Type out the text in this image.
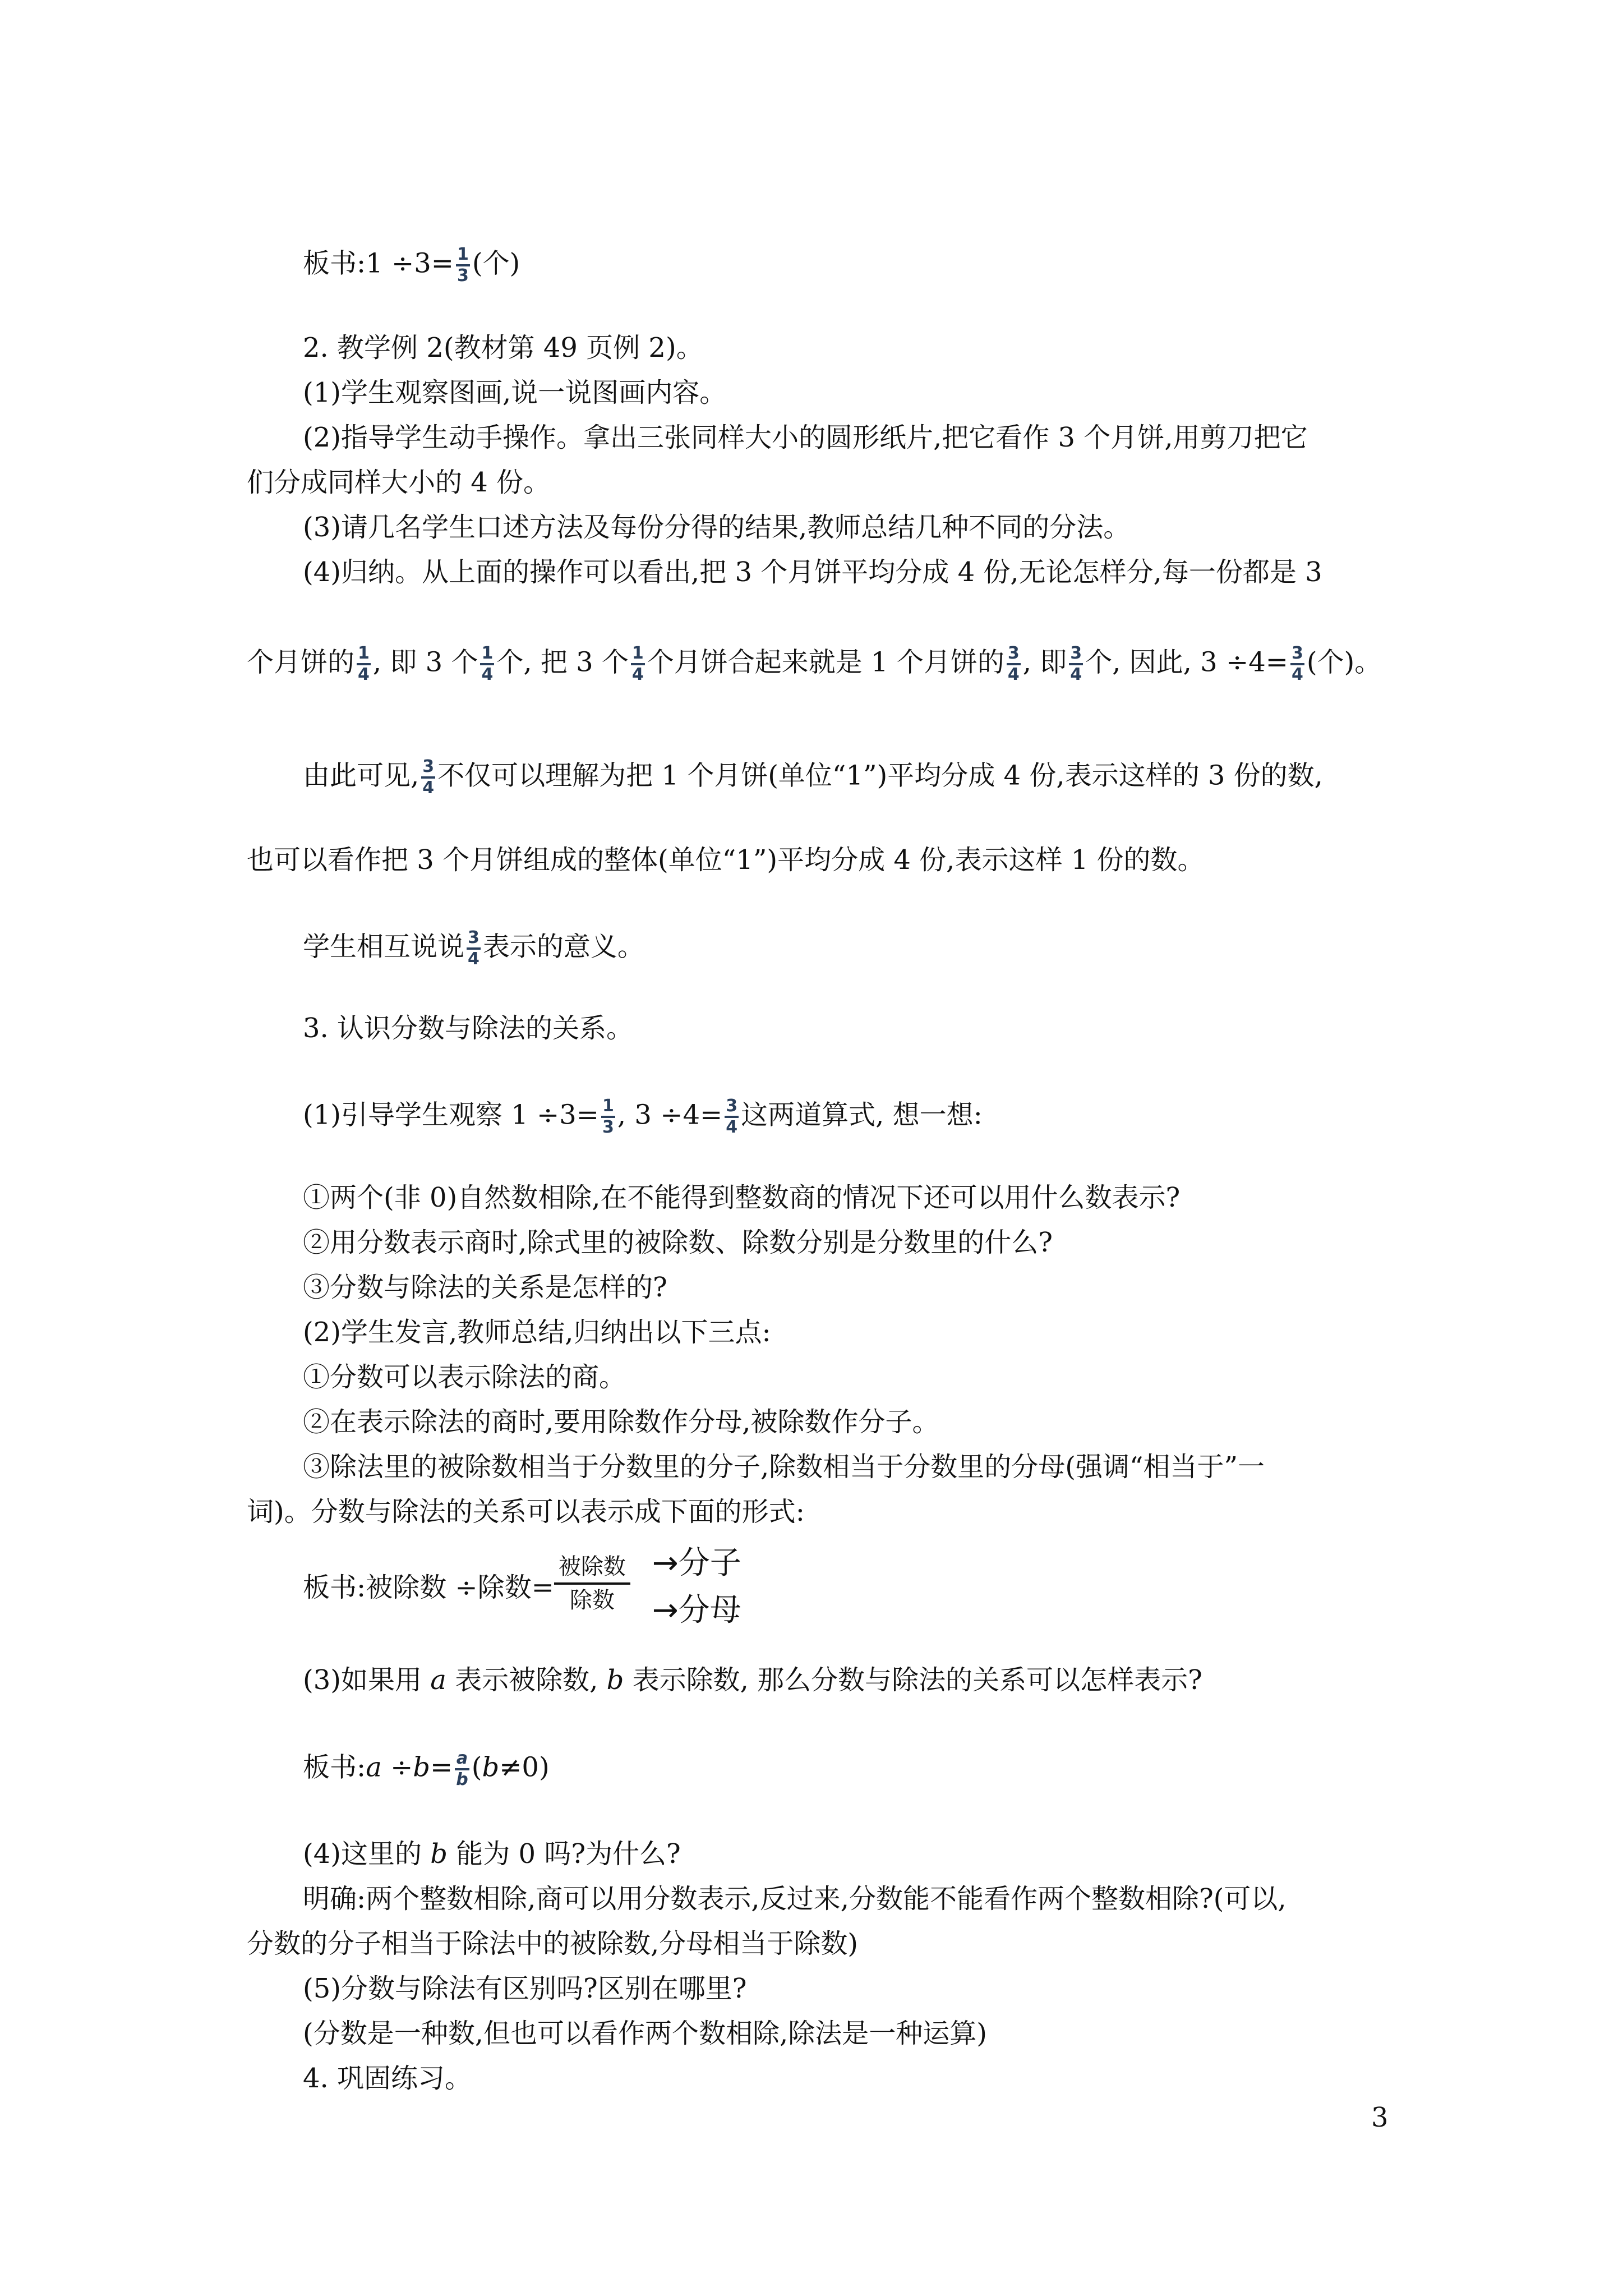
板书:1 $\div 3= \frac{1}{3}$ (个)
2. 教学例 2(教材第 49 页例 2)。
(1)学生观察图画,说一说图画内容。
(2)指导学生动手操作。拿出三张同样大小的圆形纸片,把它看作 3 个月饼,用剪刀把它
们分成同样大小的 4 份。
(3)请几名学生口述方法及每份分得的结果,教师总结几种不同的分法。
(4)归纳。从上面的操作可以看出,把 3 个月饼平均分成 4 份,无论怎样分,每一份都是 3
个月饼的 $\frac{1}{4}$ , 即 3 个 $\frac{1}{4}$ 个, 把 3 个 $\frac{1}{4}$ 个月饼合起来就是 1 个月饼的 $\frac{3}{4}$ , 即 $\frac{3}{4}$ 个, 因此, $3 \div 4= \frac{3}{4}$ (个)。
由此可见, $\frac{3}{4}$ 不仅可以理解为把 1 个月饼(单位“1”)平均分成 4 份,表示这样的 3 份的数,
也可以看作把 3 个月饼组成的整体(单位“1”)平均分成 4 份,表示这样 1 份的数。
学生相互说说 $\frac{3}{4}$ 表示的意义。
3. 认识分数与除法的关系。
(1)引导学生观察 $1 \div 3= \frac{1}{3}$ , $3 \div 4= \frac{3}{4}$ 这两道算式, 想一想:
①两个(非 0)自然数相除,在不能得到整数商的情况下还可以用什么数表示?
②用分数表示商时,除式里的被除数、除数分别是分数里的什么?
③分数与除法的关系是怎样的?
(2)学生发言,教师总结,归纳出以下三点:
①分数可以表示除法的商。
②在表示除法的商时,要用除数作分母,被除数作分子。
③除法里的被除数相当于分数里的分子,除数相当于分数里的分母(强调“相当于”一
词)。分数与除法的关系可以表示成下面的形式:
板书:被除数 ÷除数=
被除数
除数
→分子
→分母
(3)如果用 a 表示被除数, b 表示除数, 那么分数与除法的关系可以怎样表示?
板书:a $\div b= \frac{a}{b} (b\ne 0)$
(4)这里的 b 能为 0 吗?为什么?
明确:两个整数相除,商可以用分数表示,反过来,分数能不能看作两个整数相除?(可以,
分数的分子相当于除法中的被除数,分母相当于除数)
(5)分数与除法有区别吗?区别在哪里?
(分数是一种数,但也可以看作两个数相除,除法是一种运算)
4. 巩固练习。
3
